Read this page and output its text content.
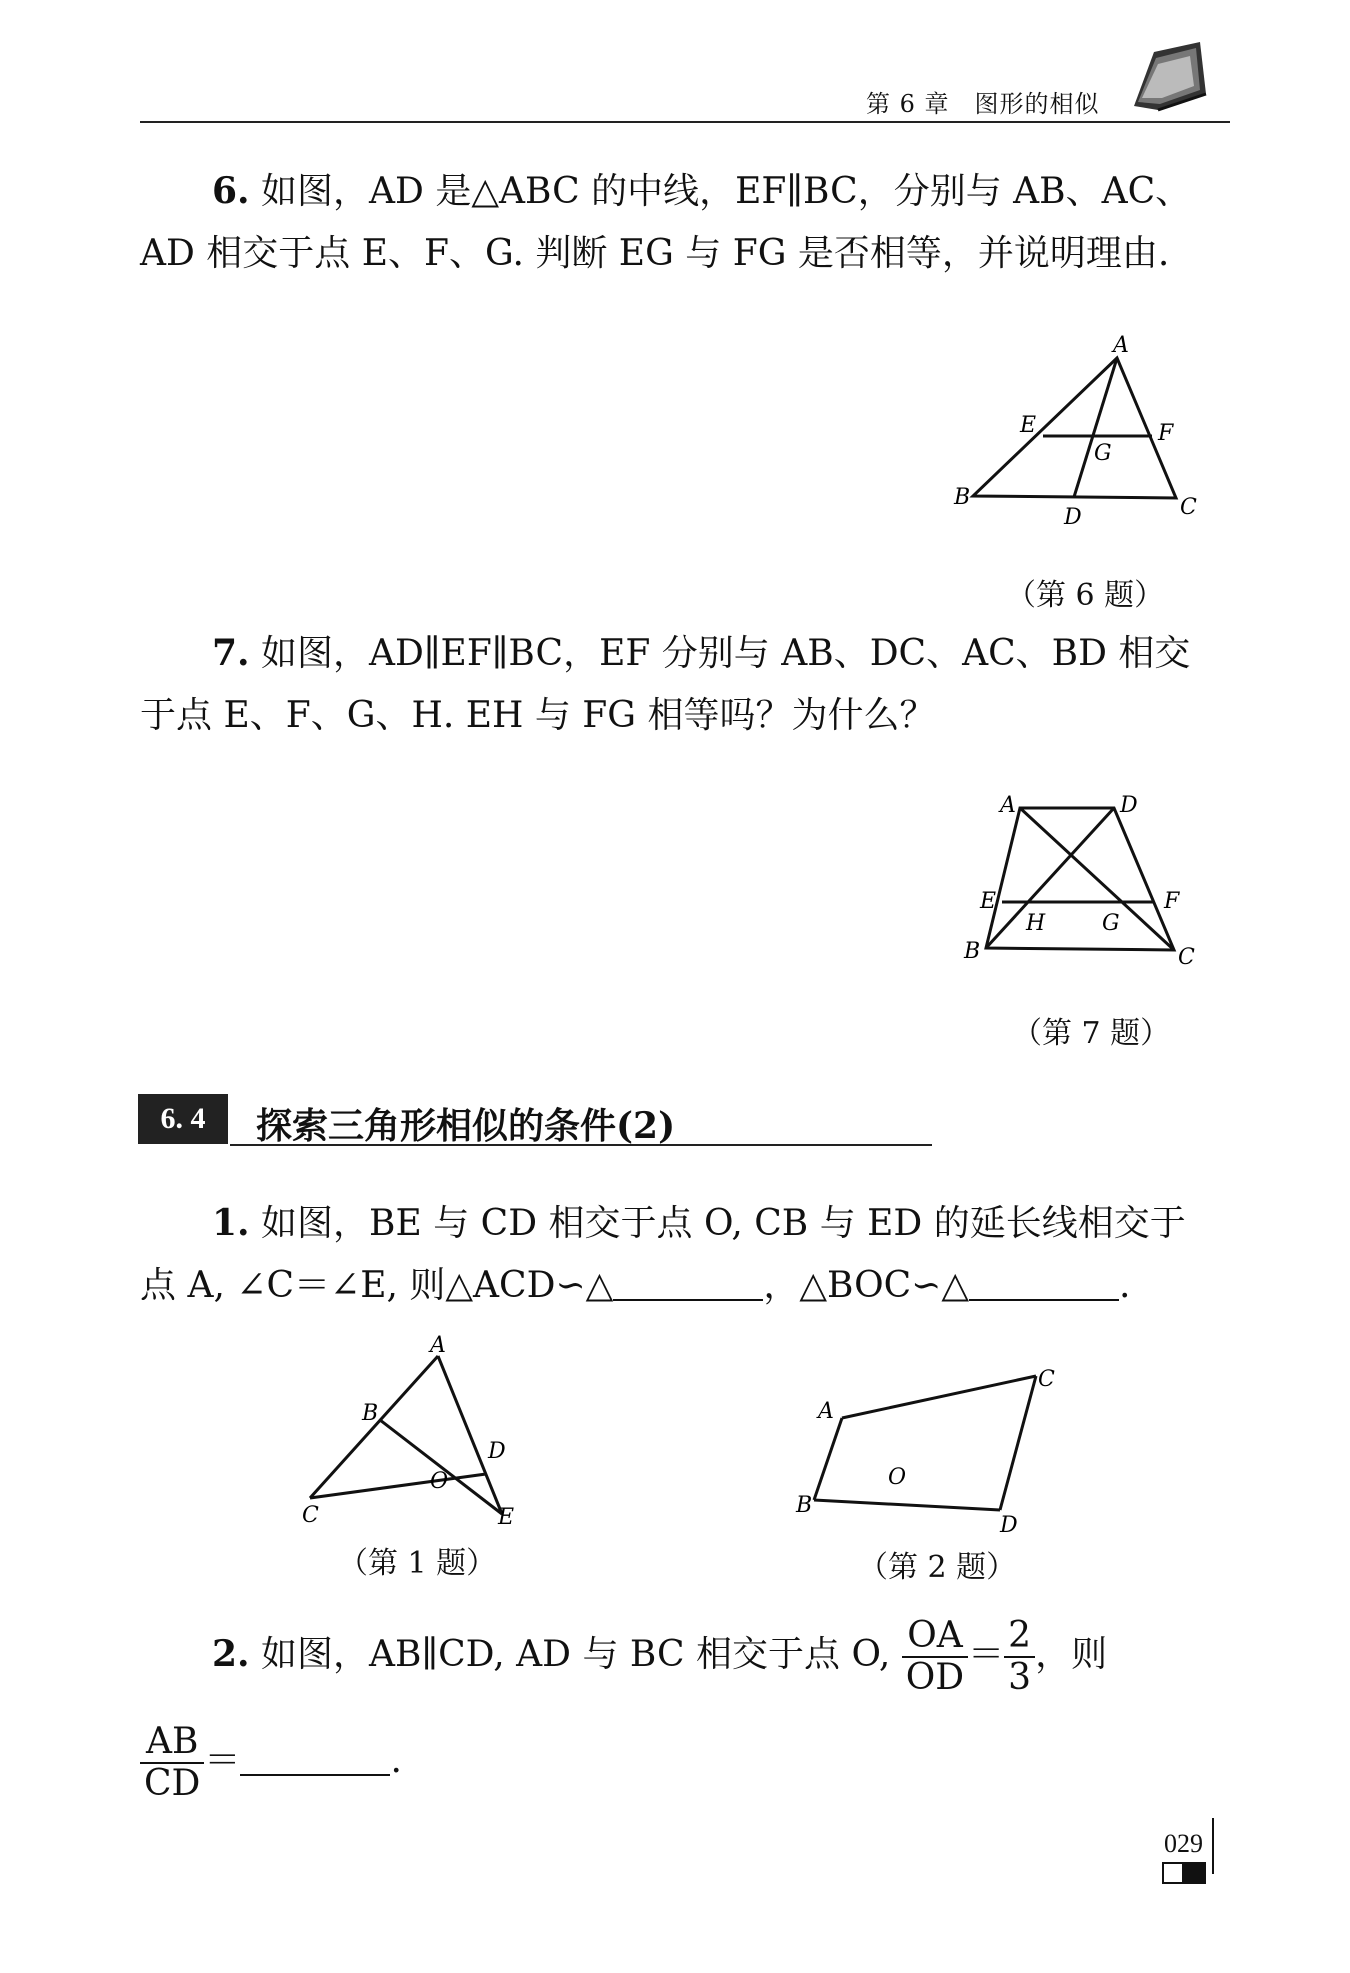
第 6 章　图形的相似
6. 如图，AD 是△ABC 的中线，EF∥BC，分别与 AB、AC、
AD 相交于点 E、F、G. 判断 EG 与 FG 是否相等，并说明理由.
A
B	C
D
E	F
G
（第 6 题）
7. 如图，AD∥EF∥BC，EF 分别与 AB、DC、AC、BD 相交
于点 E、F、G、H. EH 与 FG 相等吗？为什么？
A	D
E	F
H	G
B	C
（第 7 题）
6. 4	探索三角形相似的条件(2)
1. 如图，BE 与 CD 相交于点 O, CB 与 ED 的延长线相交于
点 A, ∠C＝∠E, 则△ACD∽△	，△BOC∽△	.
A
B
C
D
E
O
（第 1 题）
A
B
C
D
O
（第 2 题）
2. 如图，AB∥CD, AD 与 BC 相交于点 O, $\frac{OA}{OD} = \frac{2}{3}$ ，则
$\frac{AB}{CD}$ ＝	.
029
